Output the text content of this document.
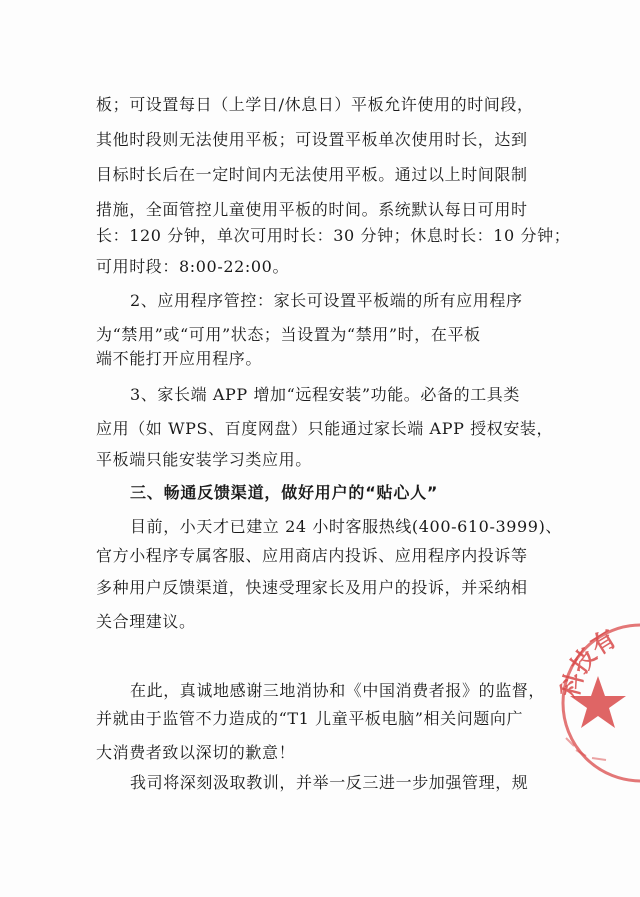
板；可设置每日（上学日/休息日）平板允许使用的时间段，
其他时段则无法使用平板；可设置平板单次使用时长，达到
目标时长后在一定时间内无法使用平板。通过以上时间限制
措施，全面管控儿童使用平板的时间。系统默认每日可用时
长：120 分钟，单次可用时长：30 分钟；休息时长：10 分钟；
可用时段：8:00-22:00。
2、应用程序管控：家长可设置平板端的所有应用程序
为“禁用”或“可用”状态；当设置为“禁用”时，在平板
端不能打开应用程序。
3、家长端 APP 增加“远程安装”功能。必备的工具类
应用（如 WPS、百度网盘）只能通过家长端 APP 授权安装，
平板端只能安装学习类应用。
三、畅通反馈渠道，做好用户的“贴心人”
目前，小天才已建立 24 小时客服热线(400-610-3999)、
官方小程序专属客服、应用商店内投诉、应用程序内投诉等
多种用户反馈渠道，快速受理家长及用户的投诉，并采纳相
关合理建议。
在此，真诚地感谢三地消协和《中国消费者报》的监督，
并就由于监管不力造成的“T1 儿童平板电脑”相关问题向广
大消费者致以深切的歉意！
我司将深刻汲取教训，并举一反三进一步加强管理，规
科技有
